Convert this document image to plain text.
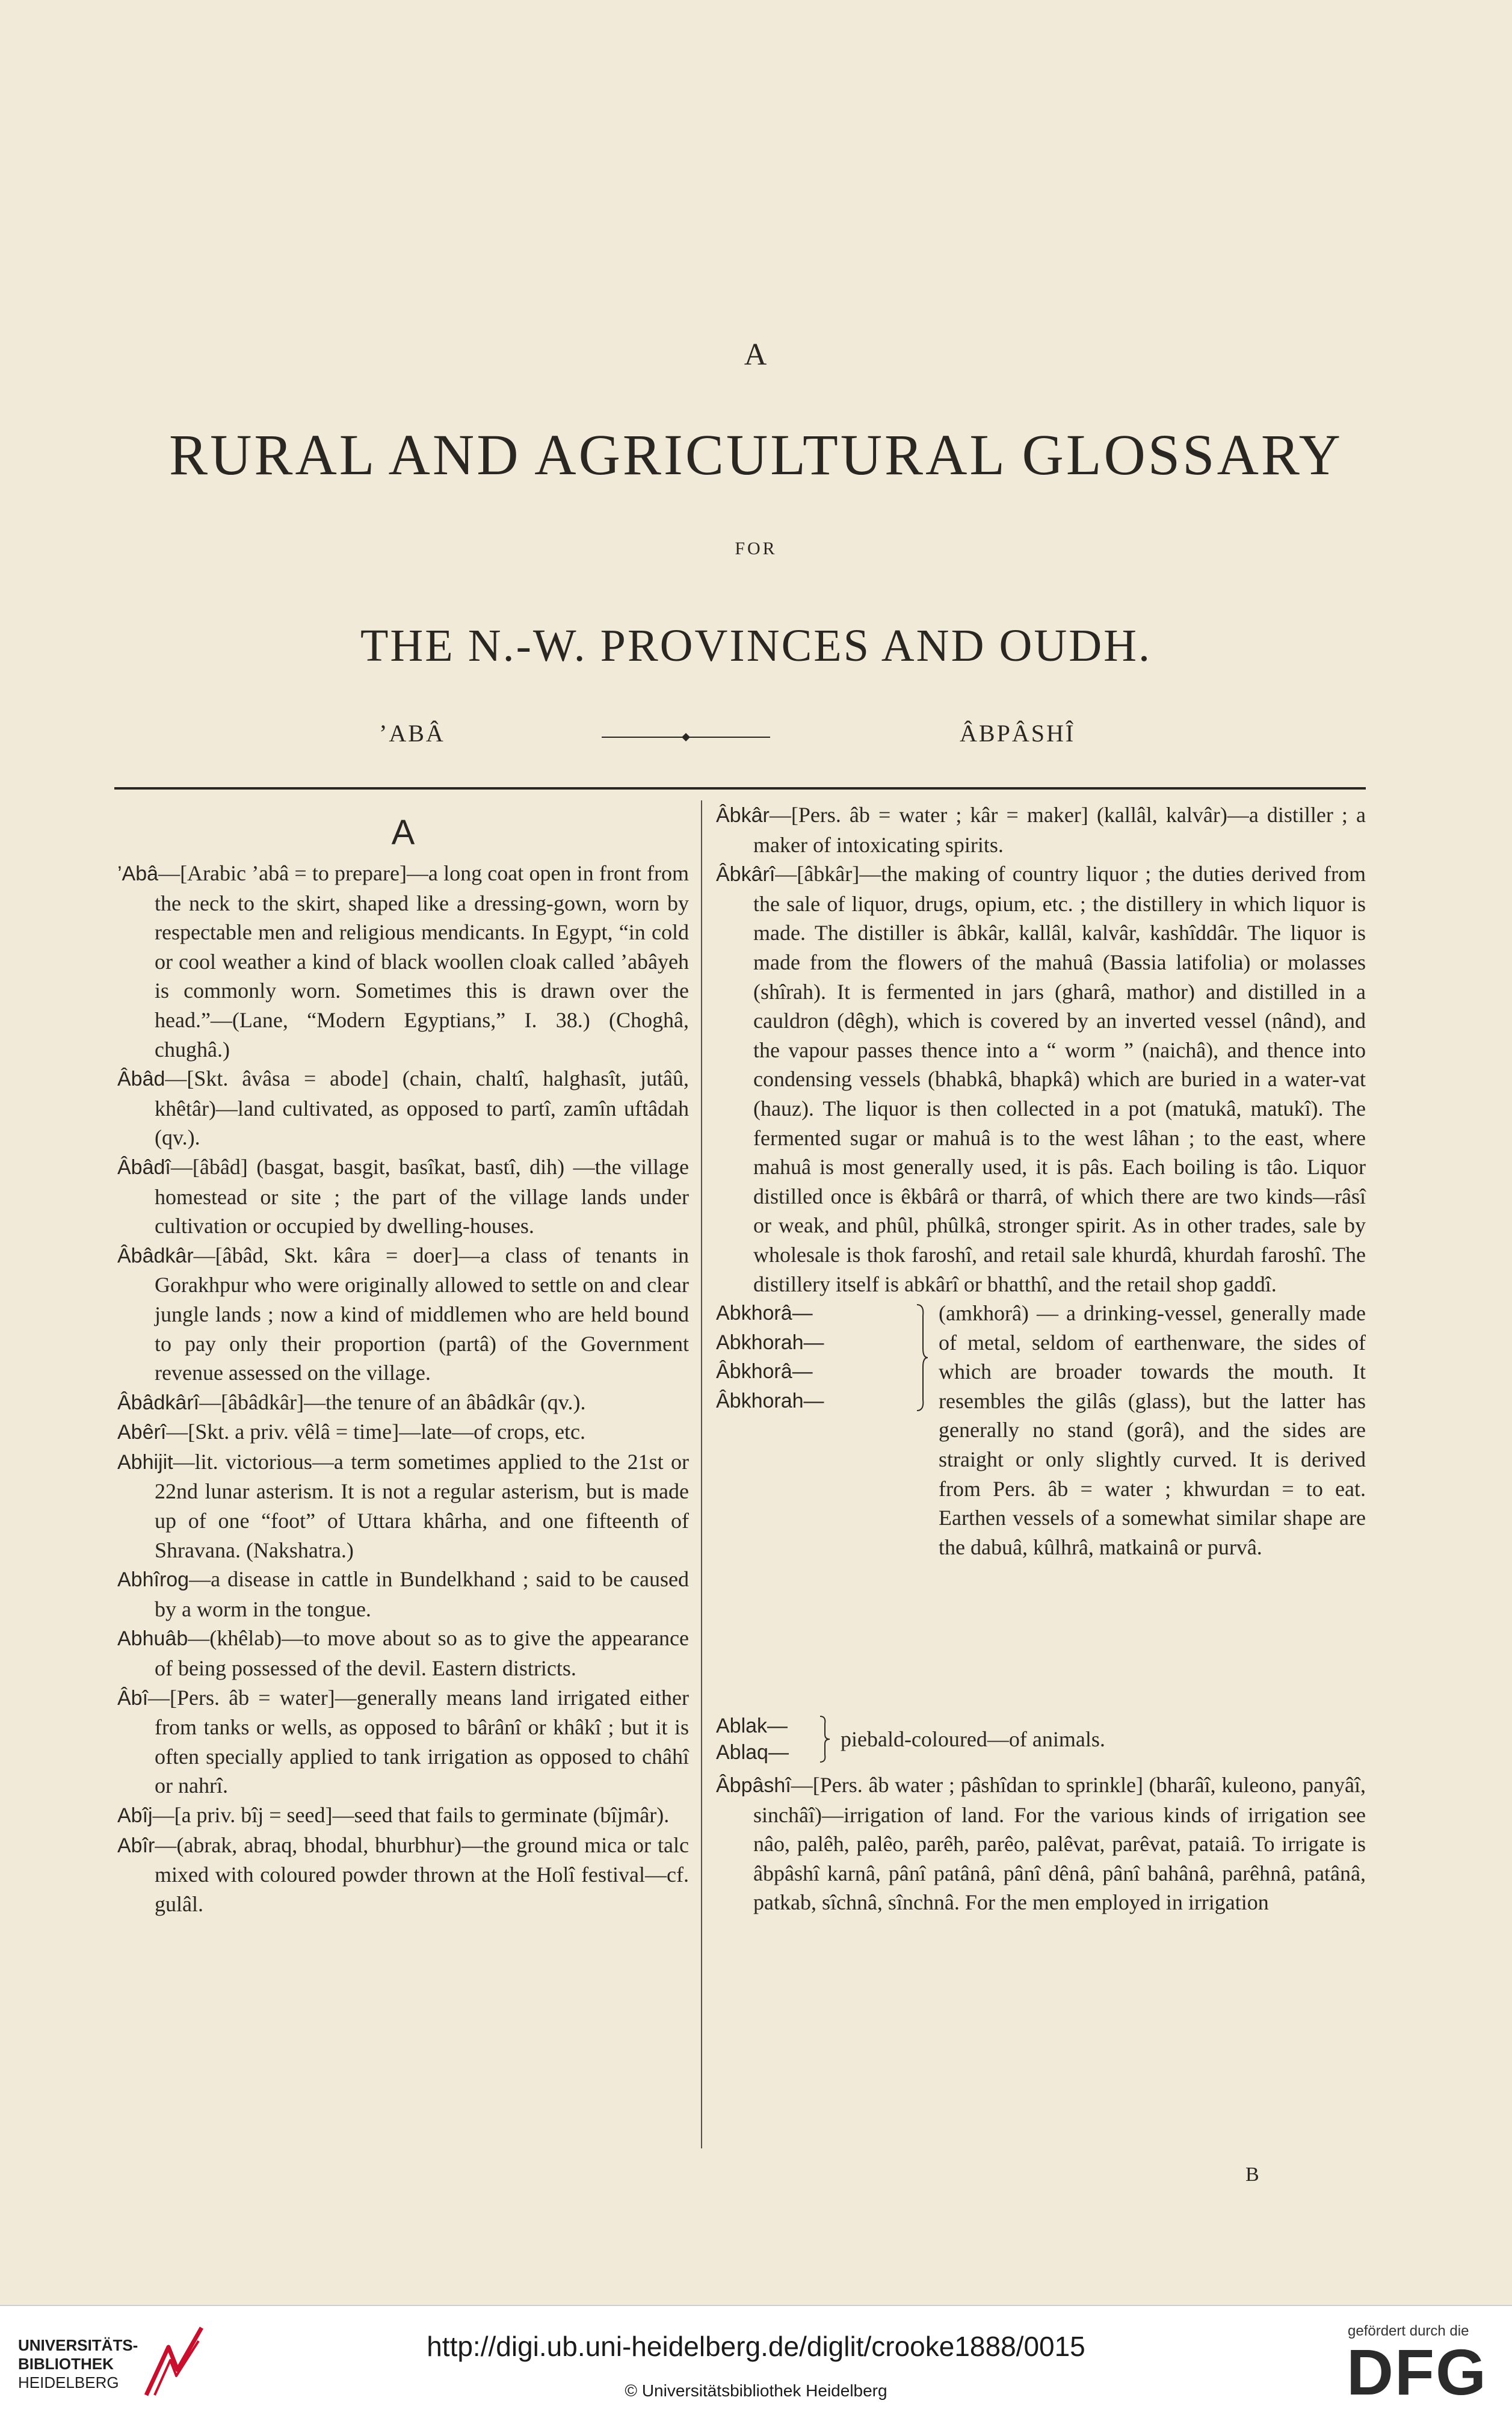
A
RURAL AND AGRICULTURAL GLOSSARY
FOR
THE N.-W. PROVINCES AND OUDH.
’ABÂ	ÂBPÂSHÎ
A

’Abâ—[Arabic ’abâ = to prepare]—a long coat open in front from the neck to the skirt, shaped like a dressing-gown, worn by respectable men and religious mendicants. In Egypt, “in cold or cool weather a kind of black woollen cloak called ’abâyeh is commonly worn. Sometimes this is drawn over the head.”—(Lane, “Modern Egyptians,” I. 38.) (Choghâ, chughâ.)

Âbâd—[Skt. âvâsa = abode] (chain, chaltî, halghasît, jutâû, khêtâr)—land cultivated, as opposed to partî, zamîn uftâdah (qv.).

Âbâdî—[âbâd] (basgat, basgit, basîkat, bastî, dih) —the village homestead or site ; the part of the village lands under cultivation or occupied by dwelling-houses.

Âbâdkâr—[âbâd, Skt. kâra = doer]—a class of tenants in Gorakhpur who were originally allowed to settle on and clear jungle lands ; now a kind of middlemen who are held bound to pay only their proportion (partâ) of the Government revenue assessed on the village.

Âbâdkârî—[âbâdkâr]—the tenure of an âbâdkâr (qv.).

Abêrî—[Skt. a priv. vêlâ = time]—late—of crops, etc.

Abhijit—lit. victorious—a term sometimes applied to the 21st or 22nd lunar asterism. It is not a regular asterism, but is made up of one “foot” of Uttara khârha, and one fifteenth of Shravana. (Nakshatra.)

Abhîrog—a disease in cattle in Bundelkhand ; said to be caused by a worm in the tongue.

Abhuâb—(khêlab)—to move about so as to give the appearance of being possessed of the devil. Eastern districts.

Âbî—[Pers. âb = water]—generally means land irrigated either from tanks or wells, as opposed to bârânî or khâkî ; but it is often specially applied to tank irrigation as opposed to châhî or nahrî.

Abîj—[a priv. bîj = seed]—seed that fails to germinate (bîjmâr).

Abîr—(abrak, abraq, bhodal, bhurbhur)—the ground mica or talc mixed with coloured powder thrown at the Holî festival—cf. gulâl.

Âbkâr—[Pers. âb = water ; kâr = maker] (kallâl, kalvâr)—a distiller ; a maker of intoxicating spirits.

Âbkârî—[âbkâr]—the making of country liquor ; the duties derived from the sale of liquor, drugs, opium, etc. ; the distillery in which liquor is made. The distiller is âbkâr, kallâl, kalvâr, kashîddâr. The liquor is made from the flowers of the mahuâ (Bassia latifolia) or molasses (shîrah). It is fermented in jars (gharâ, mathor) and distilled in a cauldron (dêgh), which is covered by an inverted vessel (nând), and the vapour passes thence into a “ worm ” (naichâ), and thence into condensing vessels (bhabkâ, bhapkâ) which are buried in a water-vat (hauz). The liquor is then collected in a pot (matukâ, matukî). The fermented sugar or mahuâ is to the west lâhan ; to the east, where mahuâ is most generally used, it is pâs. Each boiling is tâo. Liquor distilled once is êkbârâ or tharrâ, of which there are two kinds—râsî or weak, and phûl, phûlkâ, stronger spirit. As in other trades, sale by wholesale is thok faroshî, and retail sale khurdâ, khurdah faroshî. The distillery itself is abkârî or bhatthî, and the retail shop gaddî.

Abkhorâ—
Abkhorah—
Âbkhorâ—
Âbkhorah—
(amkhorâ) — a drinking-vessel, generally made of metal, seldom of earthenware, the sides of which are broader towards the mouth. It resembles the gilâs (glass), but the latter has generally no stand (gorâ), and the sides are straight or only slightly curved. It is derived from Pers. âb = water ; khwurdan = to eat. Earthen vessels of a somewhat similar shape are the dabuâ, kûlhrâ, matkainâ or purvâ.
Ablak—
Ablaq—
piebald-coloured—of animals.

Âbpâshî—[Pers. âb water ; pâshîdan to sprinkle] (bharâî, kuleono, panyâî, sinchâî)—irrigation of land. For the various kinds of irrigation see nâo, palêh, palêo, parêh, parêo, palêvat, parêvat, pataiâ. To irrigate is âbpâshî karnâ, pânî patânâ, pânî dênâ, pânî bahânâ, parêhnâ, patânâ, patkab, sîchnâ, sînchnâ. For the men employed in irrigation

B
UNIVERSITÄTS-
BIBLIOTHEK
HEIDELBERG
http://digi.ub.uni-heidelberg.de/diglit/crooke1888/0015
© Universitätsbibliothek Heidelberg
gefördert durch die
DFG
